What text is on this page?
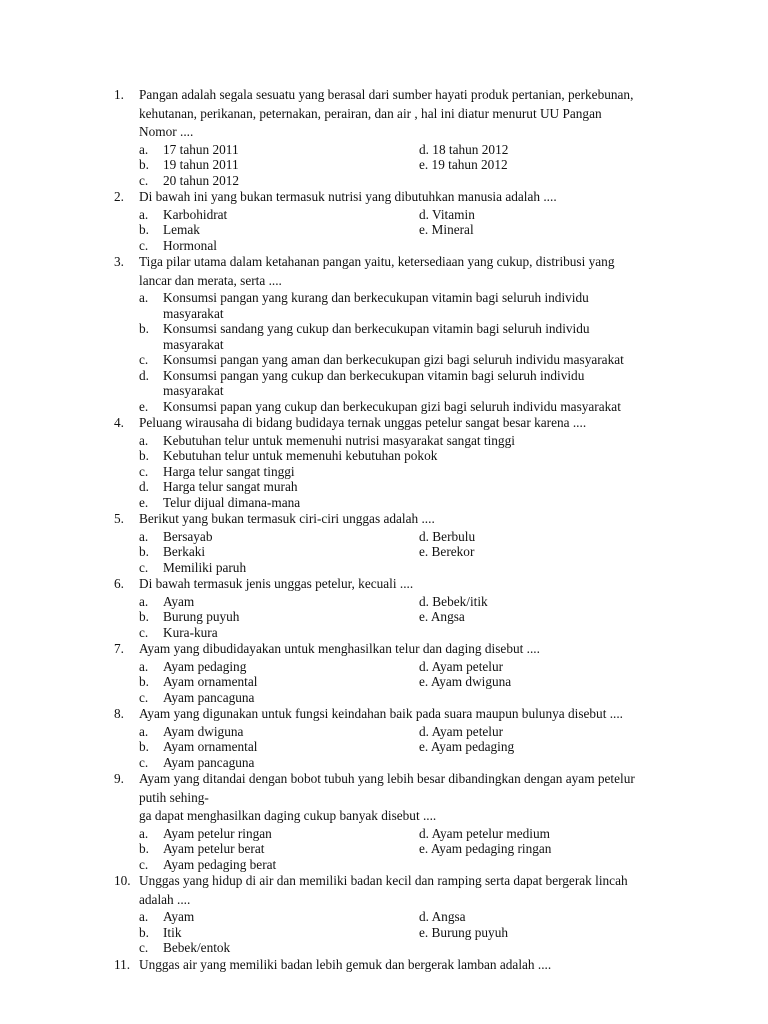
1.	Pangan adalah segala sesuatu yang berasal dari sumber hayati produk pertanian, perkebunan,
kehutanan, perikanan, peternakan, perairan, dan air , hal ini diatur menurut UU Pangan
Nomor ....
a.	17 tahun 2011	d. 18 tahun 2012
b.	19 tahun 2011	e. 19 tahun 2012
c.	20 tahun 2012
2.	Di bawah ini yang bukan termasuk nutrisi yang dibutuhkan manusia adalah ....
a.	Karbohidrat	d. Vitamin
b.	Lemak	e. Mineral
c.	Hormonal
3.	Tiga pilar utama dalam ketahanan pangan yaitu, ketersediaan yang cukup, distribusi yang
lancar dan merata, serta ....
a.	Konsumsi pangan yang kurang dan berkecukupan vitamin bagi seluruh individu
masyarakat
b.	Konsumsi sandang yang cukup dan berkecukupan vitamin bagi seluruh individu
masyarakat
c.	Konsumsi pangan yang aman dan berkecukupan gizi bagi seluruh individu masyarakat
d.	Konsumsi pangan yang cukup dan berkecukupan vitamin bagi seluruh individu
masyarakat
e.	Konsumsi papan yang cukup dan berkecukupan gizi bagi seluruh individu masyarakat
4.	Peluang wirausaha di bidang budidaya ternak unggas petelur sangat besar karena ....
a.	Kebutuhan telur untuk memenuhi nutrisi masyarakat sangat tinggi
b.	Kebutuhan telur untuk memenuhi kebutuhan pokok
c.	Harga telur sangat tinggi
d.	Harga telur sangat murah
e.	Telur dijual dimana-mana
5.	Berikut yang bukan termasuk ciri-ciri unggas adalah ....
a.	Bersayab	d. Berbulu
b.	Berkaki	e. Berekor
c.	Memiliki paruh
6.	Di bawah termasuk jenis unggas petelur, kecuali ....
a.	Ayam	d. Bebek/itik
b.	Burung puyuh	e. Angsa
c.	Kura-kura
7.	Ayam yang dibudidayakan untuk menghasilkan telur dan daging disebut ....
a.	Ayam pedaging	d. Ayam petelur
b.	Ayam ornamental	e. Ayam dwiguna
c.	Ayam pancaguna
8.	Ayam yang digunakan untuk fungsi keindahan baik pada suara maupun bulunya disebut ....
a.	Ayam dwiguna	d. Ayam petelur
b.	Ayam ornamental	e. Ayam pedaging
c.	Ayam pancaguna
9.	Ayam yang ditandai dengan bobot tubuh yang lebih besar dibandingkan dengan ayam petelur
putih sehing-
ga dapat menghasilkan daging cukup banyak disebut ....
a.	Ayam petelur ringan	d. Ayam petelur medium
b.	Ayam petelur berat	e. Ayam pedaging ringan
c.	Ayam pedaging berat
10. Unggas yang hidup di air dan memiliki badan kecil dan ramping serta dapat bergerak lincah
adalah ....
a.	Ayam	d. Angsa
b.	Itik	e. Burung puyuh
c.	Bebek/entok
11. Unggas air yang memiliki badan lebih gemuk dan bergerak lamban adalah ....
